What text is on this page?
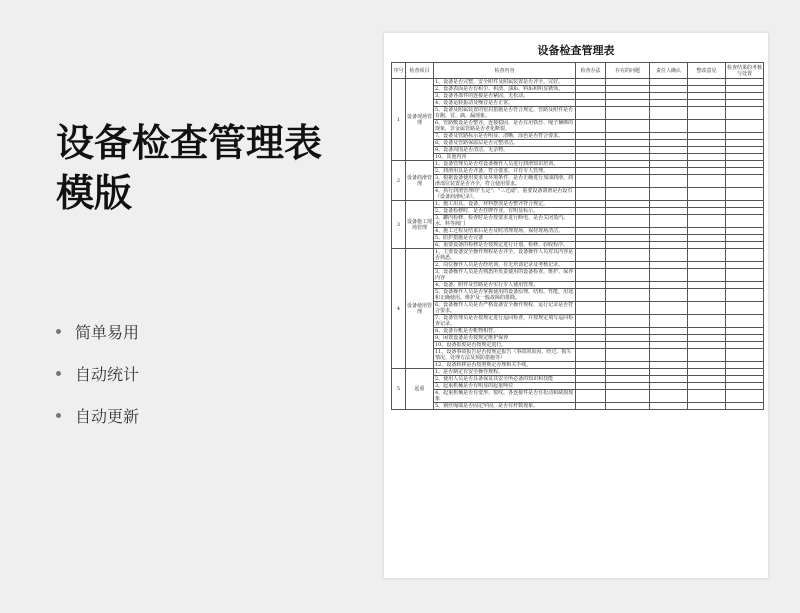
设备检查管理表
模版
简单易用
自动统计
自动更新
设备检查管理表
序号	检查项目	检查内容	检查办法	存在的问题	责任人确认	整改意见	检查结果的考核与处置
1	设备现场管理	1、设备是否完整，安全附件及附属装置是否齐全，完好。					
		2、设备表面是否有积尘、积渣、油垢、料垢和明显锈蚀。					
		3、设备各部件的连接是否紧固，无松动。					
		4、设备运转振动及噪音是否正常。					
		5、设备及附属装置的密封措施是否符合规定，管路及附件是否有跑、冒、滴、漏现象。					
		6、管路敷设是否整齐，连接稳固，是否有用铁丝、绳子捆绑的现象，非金属管路是否老化断裂。					
		7、设备及管路标示是否明显、清晰，涂色是否符合要求。					
		8、设备及管路保温层是否完整清洁。					
		9、设备周围是否清洁，无杂物。					
		10、其他内容					
2	设备润滑管理	1、设备管理员是否对设备操作人员进行润滑知识培训。					
		2、润滑用具是否齐备，符合要求，并有专人管理。					
		3、根据设备使用要求及环境条件，是否正确进行加油润滑，润滑部位装置是否齐全，符合使用要求。					
		4、执行润滑管理的"五定"、"三过滤"，重要设备润滑是否设有《设备润滑纪录》。					
3	设备施工现场管理	1、施工用具、设备、材料摆放是否整齐符合规定。					
		2、设备检修时，是否挂牌作业，有明显标示。					
		3、罐内检修、检查时是否按要求进行断电、是否关闭蒸汽、水、料等阀门					
		4、施工过程及结束后是否及时清理现场，保持现场清洁。					
		5、防护措施是否完备					
		6、重要设备的检修是否按规定进行计划、检修、验收程序。					
4	设备使用管理	1、主要设备安全操作规程是否齐全，设备操作人员对其内容是否熟悉。					
		2、岗位操作人员是否经培训，有无培训记录及考核记录。					
		3、设备操作人员是否熟悉所负责使用的设备检查、维护、保养内容					
		4、设备、附件及管路是否实行专人使用管理。					
		5、设备操作人员是否掌握使用的设备原理、结构、性能，用途和正确使用、维护及一般故障的排除。					
		6、设备操作人员是否严格设备安全操作规程，运行记录是否符合要求。					
		7、设备管理员是否按规定进行巡回检查，并按规定填写巡回检查记录。					
		8、设备台帐是否帐物相符。					
		9、闲置设备是否按规定维护保养					
		10、设备报废是否按规定进行。					
		11、设备事故报告是否按规定报告（事故的原因、经过、损失情况、处理方法及预防措施等）					
		12、设备转移是否按照规定办理相关手续。					
5	起重	1、是否制定有安全操作规程。					
		2、使用人员是否具备保证其安全所必备的知识和技能					
		3、起重机械是否有明显的起重吨位					
		4、起重机械是否有变形、裂纹、各连接件是否有松动和缺损现象					
		5、钢丝绳端是否固定牢固，是否有杆数现象。					
